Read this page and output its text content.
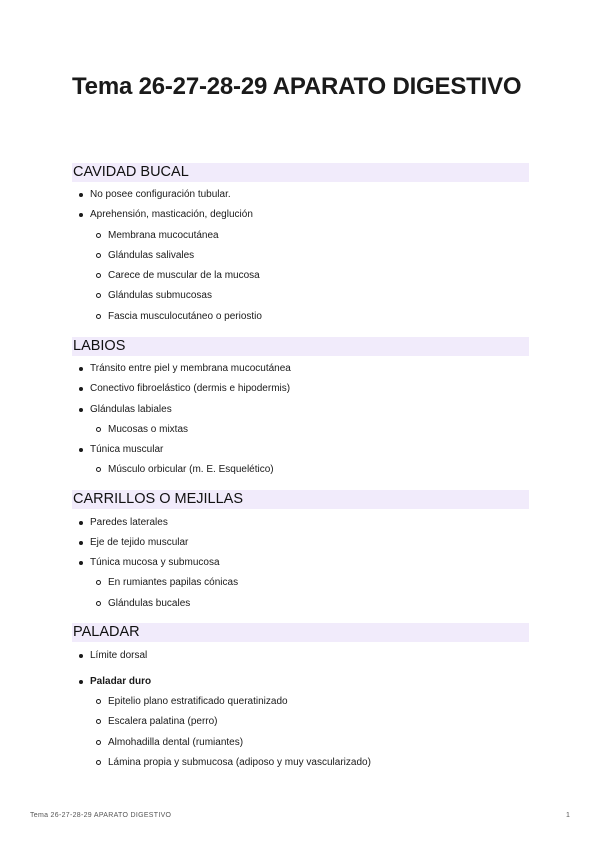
Tema 26-27-28-29 APARATO DIGESTIVO
CAVIDAD BUCAL
No posee configuración tubular.
Aprehensión, masticación, deglución
Membrana mucocutánea
Glándulas salivales
Carece de muscular de la mucosa
Glándulas submucosas
Fascia musculocutáneo o periostio
LABIOS
Tránsito entre piel y membrana mucocutánea
Conectivo fibroelástico (dermis e hipodermis)
Glándulas labiales
Mucosas o mixtas
Túnica muscular
Músculo orbicular (m. E. Esquelético)
CARRILLOS O MEJILLAS
Paredes laterales
Eje de tejido muscular
Túnica mucosa y submucosa
En rumiantes papilas cónicas
Glándulas bucales
PALADAR
Límite dorsal
Paladar duro
Epitelio plano estratificado queratinizado
Escalera palatina (perro)
Almohadilla dental (rumiantes)
Lámina propia y submucosa (adiposo y muy vascularizado)
Tema 26-27-28-29 APARATO DIGESTIVO	1
